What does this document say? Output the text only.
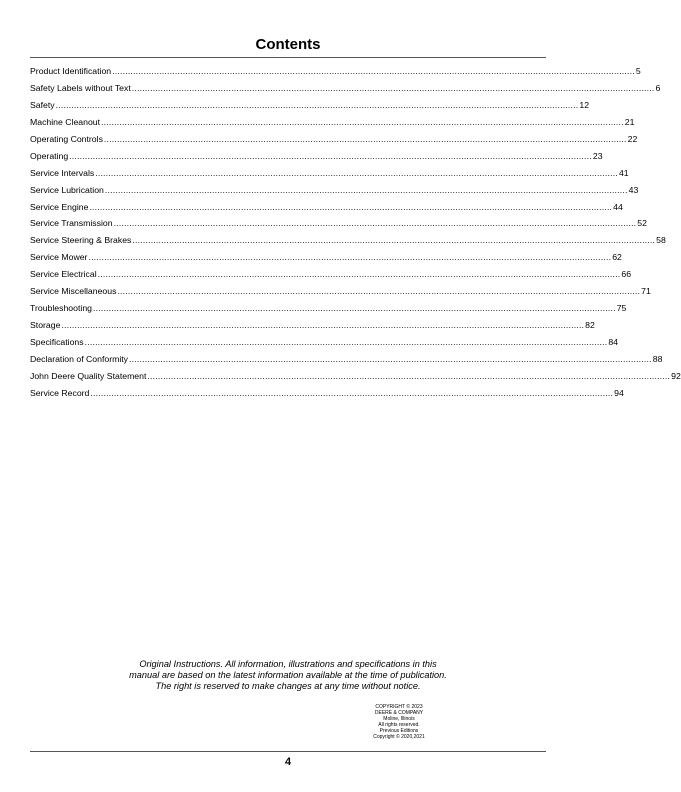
Contents
Product Identification ........................................................................................................................................................................................................ 5
Safety Labels without Text ........................................................................................................................................................................................................ 6
Safety ........................................................................................................................................................................................................ 12
Machine Cleanout ........................................................................................................................................................................................................ 21
Operating Controls ........................................................................................................................................................................................................ 22
Operating ........................................................................................................................................................................................................ 23
Service Intervals ........................................................................................................................................................................................................ 41
Service Lubrication ........................................................................................................................................................................................................ 43
Service Engine ........................................................................................................................................................................................................ 44
Service Transmission ........................................................................................................................................................................................................ 52
Service Steering & Brakes ........................................................................................................................................................................................................ 58
Service Mower ........................................................................................................................................................................................................ 62
Service Electrical ........................................................................................................................................................................................................ 66
Service Miscellaneous ........................................................................................................................................................................................................ 71
Troubleshooting ........................................................................................................................................................................................................ 75
Storage ........................................................................................................................................................................................................ 82
Specifications ........................................................................................................................................................................................................ 84
Declaration of Conformity ........................................................................................................................................................................................................ 88
John Deere Quality Statement ........................................................................................................................................................................................................ 92
Service Record ........................................................................................................................................................................................................ 94
Original Instructions. All information, illustrations and specifications in this
manual are based on the latest information available at the time of publication.
The right is reserved to make changes at any time without notice.
COPYRIGHT © 2023
DEERE & COMPANY
Moline, Illinois
All rights reserved.
Previous Editions
Copyright © 2020,2021
4
